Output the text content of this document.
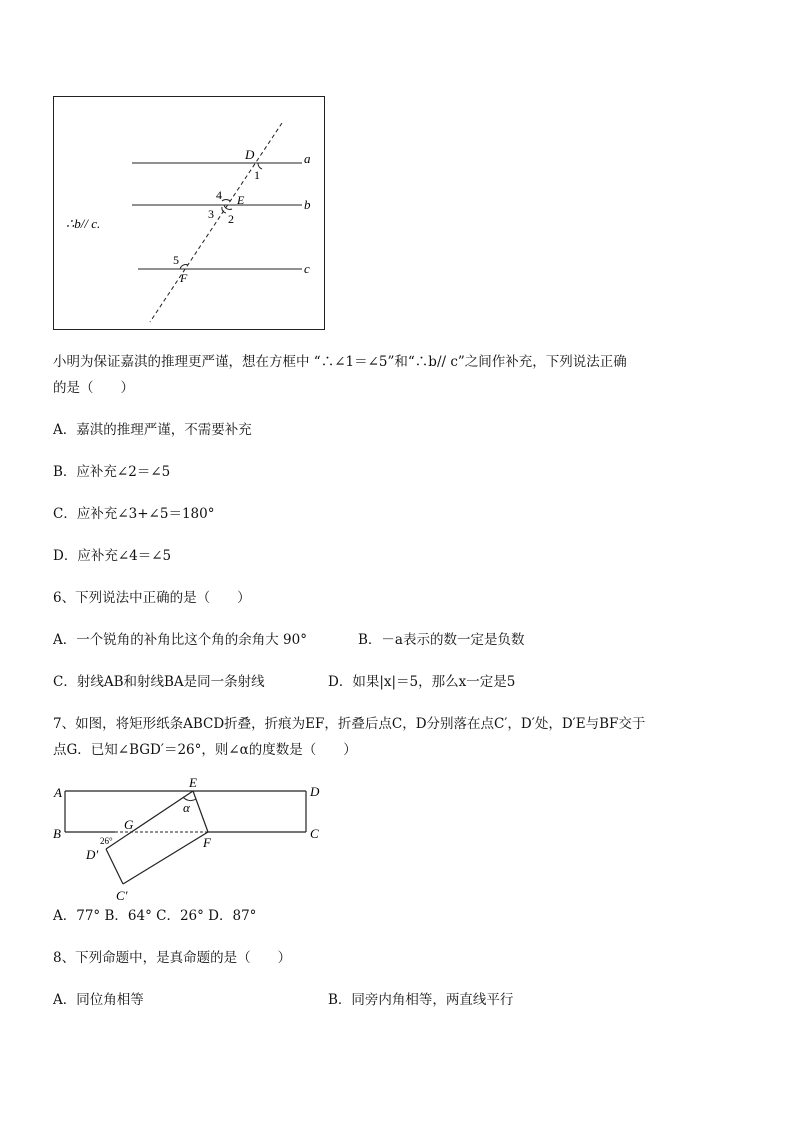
a
b
c
D
E
F
1
2
3
4
5
∴b// c.
小明为保证嘉淇的推理更严谨，想在方框中 “∴∠1＝∠5”和“∴b// c”之间作补充，下列说法正确
的是（　　）
A．嘉淇的推理严谨，不需要补充
B．应补充∠2＝∠5
C．应补充∠3+∠5＝180°
D．应补充∠4＝∠5
6、下列说法中正确的是（　　）
A．一个锐角的补角比这个角的余角大 90°	B．－a表示的数一定是负数
C．射线AB和射线BA是同一条射线	D．如果|x|＝5，那么x一定是5
7、如图，将矩形纸条ABCD折叠，折痕为EF，折叠后点C，D分别落在点C′，D′处，D′E与BF交于
点G．已知∠BGD′＝26°，则∠α的度数是（　　）
A
B	C
D
E
F
G
D′
C′
26°
α
A．77° B．64° C．26° D．87°
8、下列命题中，是真命题的是（　　）
A．同位角相等	B．同旁内角相等，两直线平行
